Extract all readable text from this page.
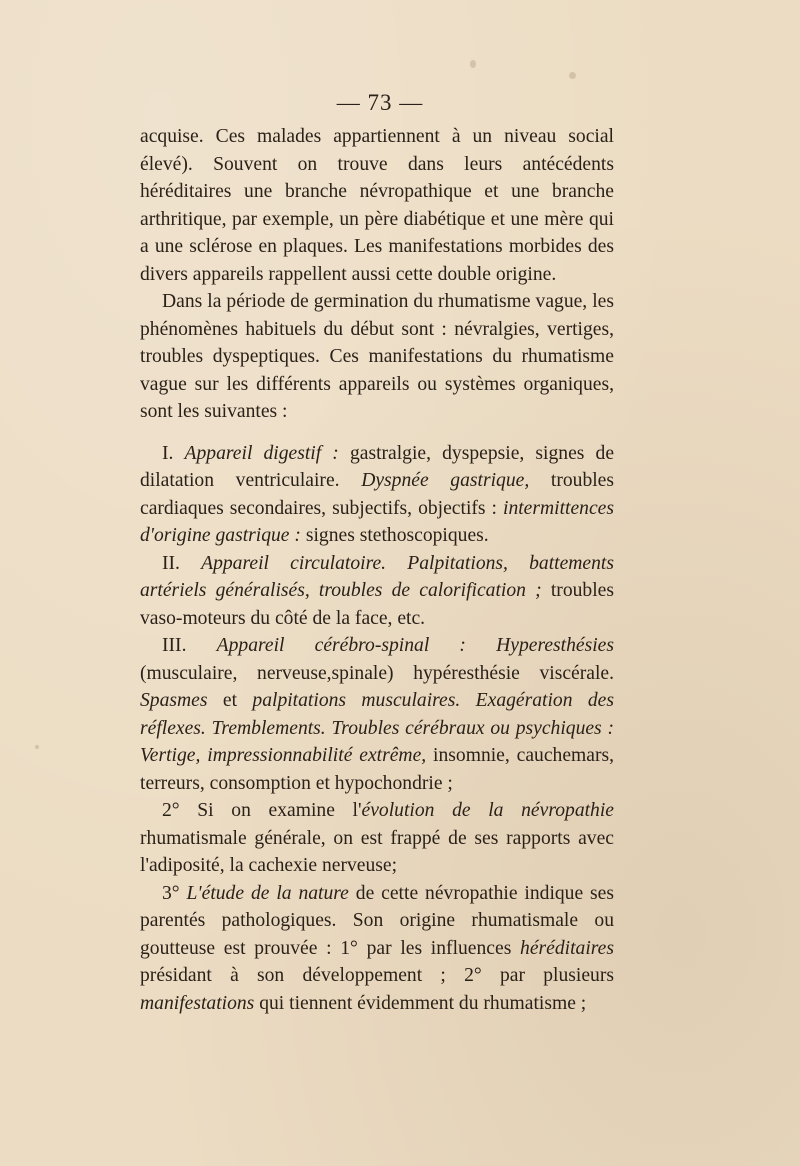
— 73 —

acquise. Ces malades appartiennent à un niveau social élevé). Souvent on trouve dans leurs antécédents héréditaires une branche névropathique et une branche arthritique, par exemple, un père diabétique et une mère qui a une sclérose en plaques. Les manifestations morbides des divers appareils rappellent aussi cette double origine.

Dans la période de germination du rhumatisme vague, les phénomènes habituels du début sont : névralgies, vertiges, troubles dyspeptiques. Ces manifestations du rhumatisme vague sur les différents appareils ou systèmes organiques, sont les suivantes :

I. Appareil digestif : gastralgie, dyspepsie, signes de dilatation ventriculaire. Dyspnée gastrique, troubles cardiaques secondaires, subjectifs, objectifs : intermittences d'origine gastrique : signes stethoscopiques.

II. Appareil circulatoire. Palpitations, battements artériels généralisés, troubles de calorification ; troubles vaso-moteurs du côté de la face, etc.

III. Appareil cérébro-spinal : Hyperesthésies (musculaire, nerveuse,spinale) hypéresthésie viscérale. Spasmes et palpitations musculaires. Exagération des réflexes. Tremblements. Troubles cérébraux ou psychiques : Vertige, impressionnabilité extrême, insomnie, cauchemars, terreurs, consomption et hypochondrie ;

2° Si on examine l'évolution de la névropathie rhumatismale générale, on est frappé de ses rapports avec l'adiposité, la cachexie nerveuse;

3° L'étude de la nature de cette névropathie indique ses parentés pathologiques. Son origine rhumatismale ou goutteuse est prouvée : 1° par les influences héréditaires présidant à son développement ; 2° par plusieurs manifestations qui tiennent évidemment du rhumatisme ;
